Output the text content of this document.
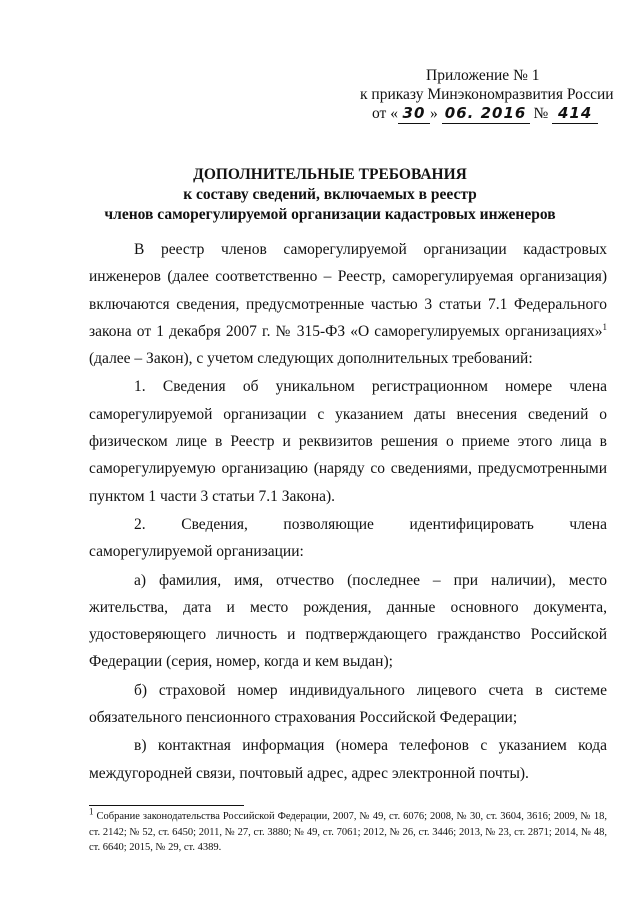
Приложение № 1
к приказу Минэкономразвития России
от « 30 » 06. 2016 № 414
ДОПОЛНИТЕЛЬНЫЕ ТРЕБОВАНИЯ
к составу сведений, включаемых в реестр
членов саморегулируемой организации кадастровых инженеров

В реестр членов саморегулируемой организации кадастровых инженеров (далее соответственно – Реестр, саморегулируемая организация) включаются сведения, предусмотренные частью 3 статьи 7.1 Федерального закона от 1 декабря 2007 г. № 315-ФЗ «О саморегулируемых организациях»$^1$ (далее – Закон), с учетом следующих дополнительных требований:

1. Сведения об уникальном регистрационном номере члена саморегулируемой организации с указанием даты внесения сведений о физическом лице в Реестр и реквизитов решения о приеме этого лица в саморегулируемую организацию (наряду со сведениями, предусмотренными пунктом 1 части 3 статьи 7.1 Закона).

2. Сведения, позволяющие идентифицировать члена саморегулируемой организации:

а) фамилия, имя, отчество (последнее – при наличии), место жительства, дата и место рождения, данные основного документа, удостоверяющего личность и подтверждающего гражданство Российской Федерации (серия, номер, когда и кем выдан);

б) страховой номер индивидуального лицевого счета в системе обязательного пенсионного страхования Российской Федерации;

в) контактная информация (номера телефонов с указанием кода междугородней связи, почтовый адрес, адрес электронной почты).

$^1$ Собрание законодательства Российской Федерации, 2007, № 49, ст. 6076; 2008, № 30, ст. 3604, 3616; 2009, № 18, ст. 2142; № 52, ст. 6450; 2011, № 27, ст. 3880; № 49, ст. 7061; 2012, № 26, ст. 3446; 2013, № 23, ст. 2871; 2014, № 48, ст. 6640; 2015, № 29, ст. 4389.
